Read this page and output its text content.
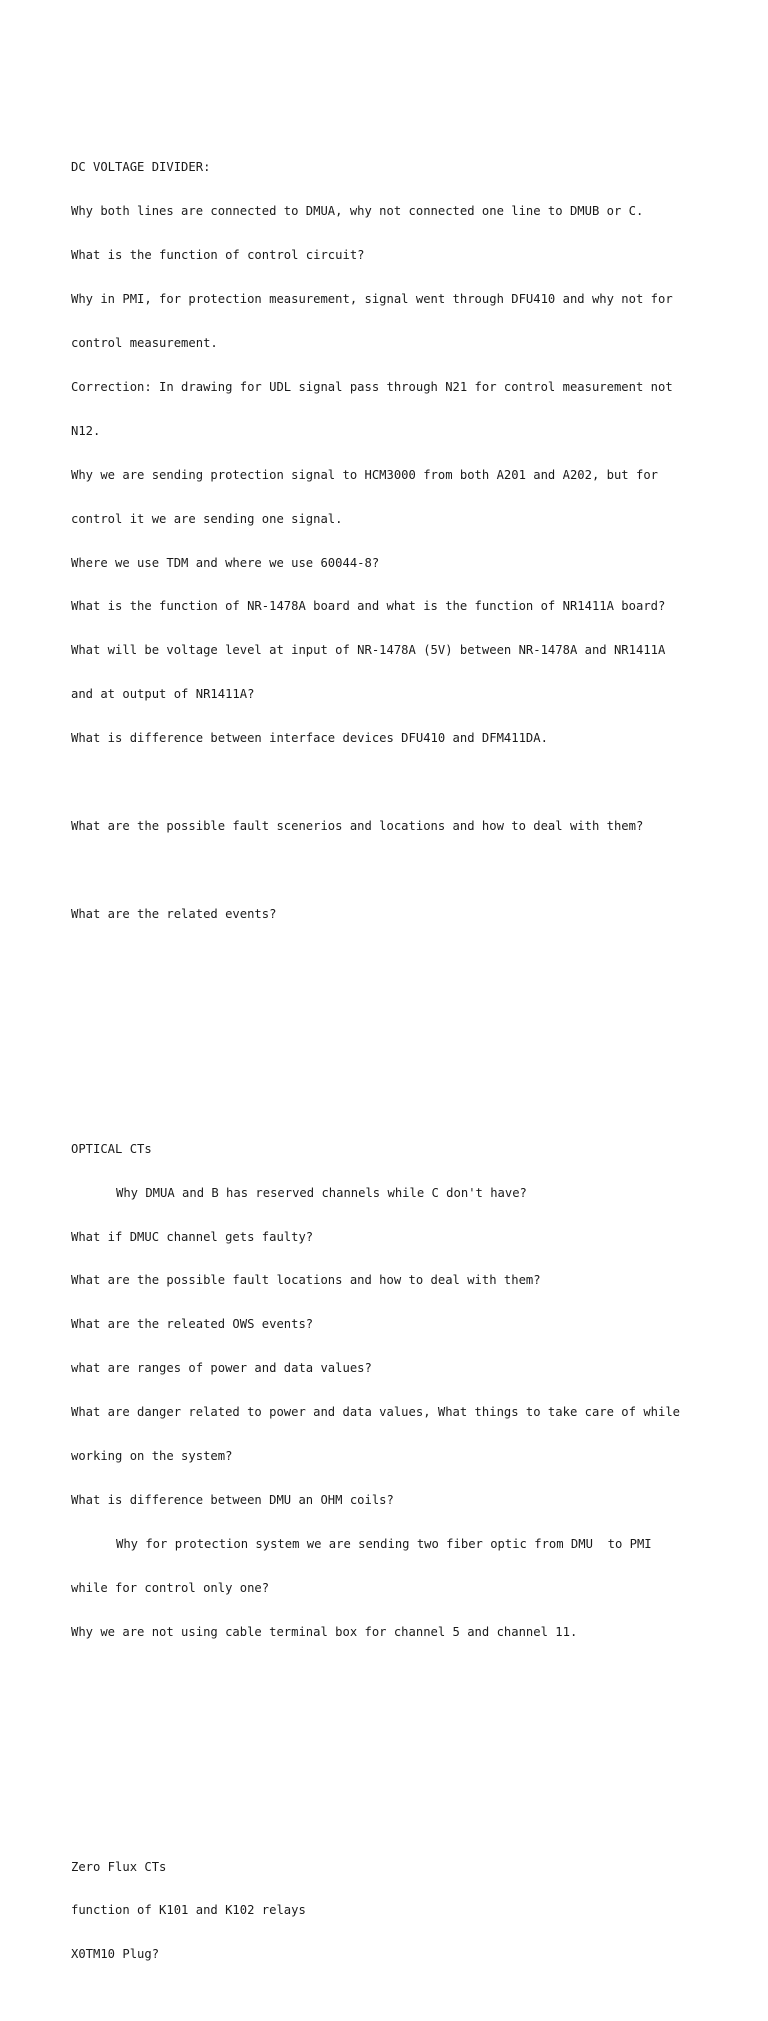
DC VOLTAGE DIVIDER:

Why both lines are connected to DMUA, why not connected one line to DMUB or C.

What is the function of control circuit?

Why in PMI, for protection measurement, signal went through DFU410 and why not for

control measurement.

Correction: In drawing for UDL signal pass through N21 for control measurement not

N12.

Why we are sending protection signal to HCM3000 from both A201 and A202, but for

control it we are sending one signal.

Where we use TDM and where we use 60044-8?

What is the function of NR-1478A board and what is the function of NR1411A board?

What will be voltage level at input of NR-1478A (5V) between NR-1478A and NR1411A

and at output of NR1411A?

What is difference between interface devices DFU410 and DFM411DA.

What are the possible fault scenerios and locations and how to deal with them?

What are the related events?

OPTICAL CTs

Why DMUA and B has reserved channels while C don't have?

What if DMUC channel gets faulty?

What are the possible fault locations and how to deal with them?

What are the releated OWS events?

what are ranges of power and data values?

What are danger related to power and data values, What things to take care of while

working on the system?

What is difference between DMU an OHM coils?

Why for protection system we are sending two fiber optic from DMU  to PMI

while for control only one?

Why we are not using cable terminal box for channel 5 and channel 11.

Zero Flux CTs

function of K101 and K102 relays

X0TM10 Plug?
